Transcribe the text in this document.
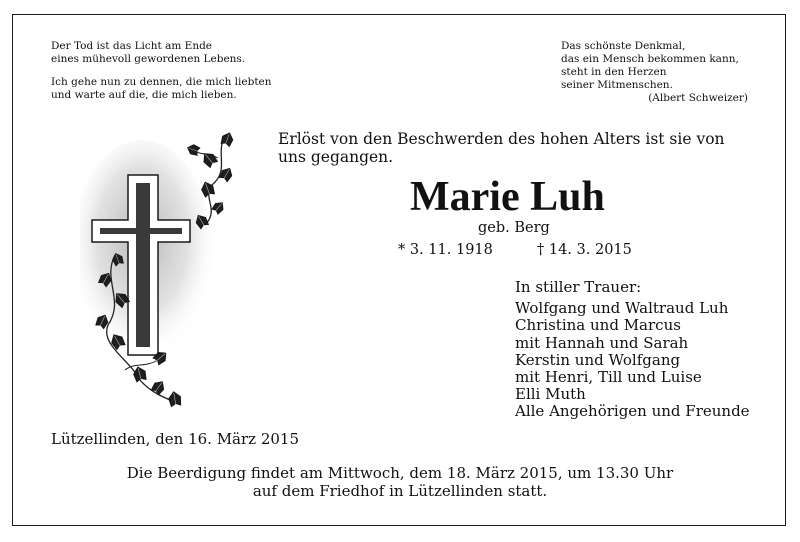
Der Tod ist das Licht am Ende

eines mühevoll gewordenen Lebens.

Ich gehe nun zu dennen, die mich liebten

und warte auf die, die mich lieben.

Das schönste Denkmal,

das ein Mensch bekommen kann,

steht in den Herzen

seiner Mitmenschen.

(Albert Schweizer)

Erlöst von den Beschwerden des hohen Alters ist sie von uns gegangen.

Marie Luh
geb. Berg
* 3. 11. 1918	† 14. 3. 2015
In stiller Trauer:
Wolfgang und Waltraud Luh
Christina und Marcus
mit Hannah und Sarah
Kerstin und Wolfgang
mit Henri, Till und Luise
Elli Muth
Alle Angehörigen und Freunde
Lützellinden, den 16. März 2015

Die Beerdigung findet am Mittwoch, dem 18. März 2015, um 13.30 Uhr

auf dem Friedhof in Lützellinden statt.
